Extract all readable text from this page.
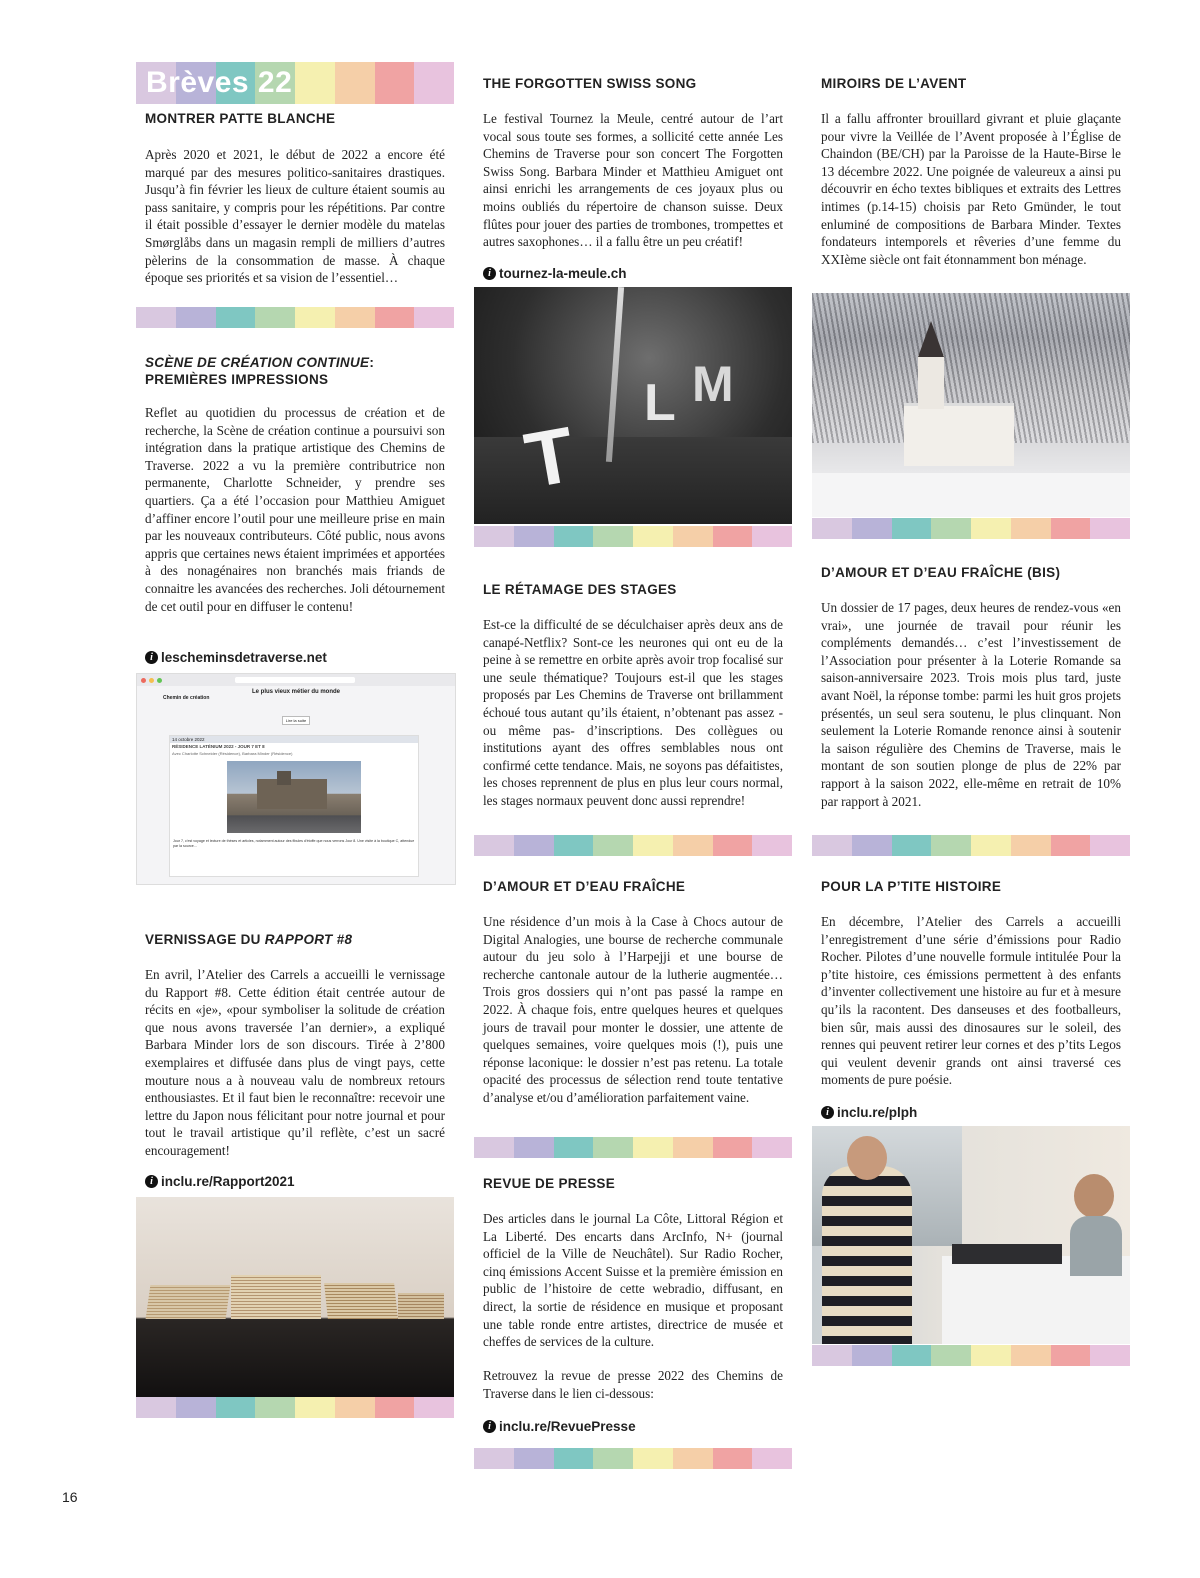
Brèves 22
MONTRER PATTE BLANCHE

Après 2020 et 2021, le début de 2022 a encore été marqué par des mesures politico-sanitaires drastiques. Jusqu’à fin février les lieux de culture étaient soumis au pass sanitaire, y compris pour les répétitions. Par contre il était possible d’essayer le dernier modèle du matelas Smørglåbs dans un magasin rempli de milliers d’autres pèlerins de la consommation de masse. À chaque époque ses priorités et sa vision de l’essentiel…

SCÈNE DE CRÉATION CONTINUE: PREMIÈRES IMPRESSIONS

Reflet au quotidien du processus de création et de recherche, la Scène de création continue a poursuivi son intégration dans la pratique artistique des Chemins de Traverse. 2022 a vu la première contributrice non permanente, Charlotte Schneider, y prendre ses quartiers. Ça a été l’occasion pour Matthieu Amiguet d’affiner encore l’outil pour une meilleure prise en main par les nouveaux contributeurs. Côté public, nous avons appris que certaines news étaient imprimées et apportées à des nonagénaires non branchés mais friands de connaitre les avancées des recherches. Joli détournement de cet outil pour en diffuser le contenu!

i lescheminsdetraverse.net
Le plus vieux métier du monde
Chemin de création
Lire la suite
14 octobre 2022
RÉSIDENCE LATÉNIUM 2022 - JOUR 7 ET 8
Avec Charlotte Schneider (Résidence), Barbara Minder (Résidence)
Jour 7, c'est voyage et lecture de thèses et articles, notamment autour des fibules d'étoffe que nous verrons Jour 8. Une visite à la boutique C, attendue par la source...
VERNISSAGE DU RAPPORT #8

En avril, l’Atelier des Carrels a accueilli le vernissage du Rapport #8. Cette édition était centrée autour de récits en «je», «pour symboliser la solitude de création que nous avons traversée l’an dernier», a expliqué Barbara Minder lors de son discours. Tirée à 2’800 exemplaires et diffusée dans plus de vingt pays, cette mouture nous a à nouveau valu de nombreux retours enthousiastes. Et il faut bien le reconnaître: recevoir une lettre du Japon nous félicitant pour notre journal et pour tout le travail artistique qu’il reflète, c’est un sacré encouragement!

i inclu.re/Rapport2021
THE FORGOTTEN SWISS SONG

Le festival Tournez la Meule, centré autour de l’art vocal sous toute ses formes, a sollicité cette année Les Chemins de Traverse pour son concert The Forgotten Swiss Song. Barbara Minder et Matthieu Amiguet ont ainsi enrichi les arrangements de ces joyaux plus ou moins oubliés du répertoire de chanson suisse. Deux flûtes pour jouer des parties de trombones, trompettes et autres saxophones… il a fallu être un peu créatif!

i tournez-la-meule.ch
T
L M
LE RÉTAMAGE DES STAGES

Est-ce la difficulté de se déculchaiser après deux ans de canapé-Netflix? Sont-ce les neurones qui ont eu de la peine à se remettre en orbite après avoir trop focalisé sur une seule thématique? Toujours est-il que les stages proposés par Les Chemins de Traverse ont brillamment échoué tous autant qu’ils étaient, n’obtenant pas assez -ou même pas- d’inscriptions. Des collègues ou institutions ayant des offres semblables nous ont confirmé cette tendance. Mais, ne soyons pas défaitistes, les choses reprennent de plus en plus leur cours normal, les stages normaux peuvent donc aussi reprendre!

D’AMOUR ET D’EAU FRAÎCHE

Une résidence d’un mois à la Case à Chocs autour de Digital Analogies, une bourse de recherche communale autour du jeu solo à l’Harpejji et une bourse de recherche cantonale autour de la lutherie augmentée… Trois gros dossiers qui n’ont pas passé la rampe en 2022. À chaque fois, entre quelques heures et quelques jours de travail pour monter le dossier, une attente de quelques semaines, voire quelques mois (!), puis une réponse laconique: le dossier n’est pas retenu. La totale opacité des processus de sélection rend toute tentative d’analyse et/ou d’amélioration parfaitement vaine.

REVUE DE PRESSE

Des articles dans le journal La Côte, Littoral Région et La Liberté. Des encarts dans ArcInfo, N+ (journal officiel de la Ville de Neuchâtel). Sur Radio Rocher, cinq émissions Accent Suisse et la première émission en public de l’histoire de cette webradio, diffusant, en direct, la sortie de résidence en musique et proposant une table ronde entre artistes, directrice de musée et cheffes de services de la culture.

Retrouvez la revue de presse 2022 des Chemins de Traverse dans le lien ci-dessous:

i inclu.re/RevuePresse
MIROIRS DE L’AVENT

Il a fallu affronter brouillard givrant et pluie glaçante pour vivre la Veillée de l’Avent proposée à l’Église de Chaindon (BE/CH) par la Paroisse de la Haute-Birse le 13 décembre 2022. Une poignée de valeureux a ainsi pu découvrir en écho textes bibliques et extraits des Lettres intimes (p.14-15) choisis par Reto Gmünder, le tout enluminé de compositions de Barbara Minder. Textes fondateurs intemporels et rêveries d’une femme du XXIème siècle ont fait étonnamment bon ménage.

D’AMOUR ET D’EAU FRAÎCHE (BIS)

Un dossier de 17 pages, deux heures de rendez-vous «en vrai», une journée de travail pour réunir les compléments demandés… c’est l’investissement de l’Association pour présenter à la Loterie Romande sa saison-anniversaire 2023. Trois mois plus tard, juste avant Noël, la réponse tombe: parmi les huit gros projets présentés, un seul sera soutenu, le plus clinquant. Non seulement la Loterie Romande renonce ainsi à soutenir la saison régulière des Chemins de Traverse, mais le montant de son soutien plonge de plus de 22% par rapport à la saison 2022, elle-même en retrait de 10% par rapport à 2021.

POUR LA P’TITE HISTOIRE

En décembre, l’Atelier des Carrels a accueilli l’enregistrement d’une série d’émissions pour Radio Rocher. Pilotes d’une nouvelle formule intitulée Pour la p’tite histoire, ces émissions permettent à des enfants d’inventer collectivement une histoire au fur et à mesure qu’ils la racontent. Des danseuses et des footballeurs, bien sûr, mais aussi des dinosaures sur le soleil, des rennes qui peuvent retirer leur cornes et des p’tits Legos qui veulent devenir grands ont ainsi traversé ces moments de pure poésie.

i inclu.re/plph
16
